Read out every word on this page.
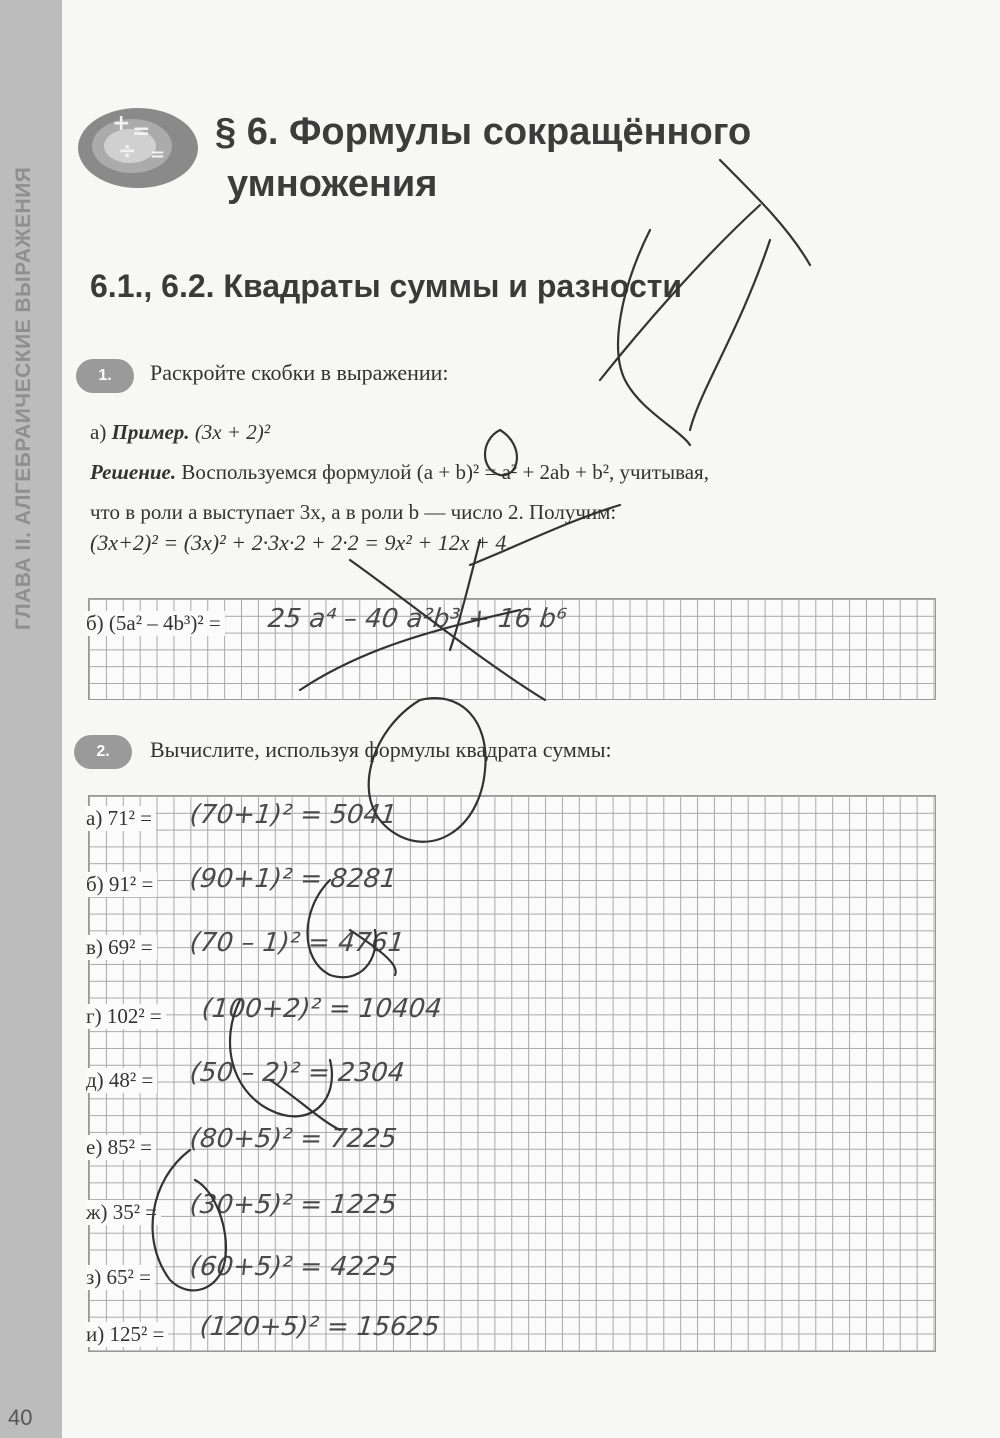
ГЛАВА II. АЛГЕБРАИЧЕСКИЕ ВЫРАЖЕНИЯ
40
+ =
÷ =
§ 6. Формулы сокращённого
умножения
6.1., 6.2. Квадраты суммы и разности
1.	Раскройте скобки в выражении:
а) Пример. (3x + 2)²
Решение. Воспользуемся формулой (a + b)² = a² + 2ab + b², учитывая,
что в роли a выступает 3x, а в роли b — число 2. Получим:
(3x+2)² = (3x)² + 2·3x·2 + 2·2 = 9x² + 12x + 4.
б) (5a² – 4b³)² = 25 a⁴ – 40 a²b³ + 16 b⁶
2.	Вычислите, используя формулы квадрата суммы:
а) 71² = (70+1)² = 5041
б) 91² = (90+1)² = 8281
в) 69² = (70 – 1)² = 4761
г) 102² = (100+2)² = 10404
д) 48² = (50 – 2)² = 2304
е) 85² = (80+5)² = 7225
ж) 35² = (30+5)² = 1225
з) 65² = (60+5)² = 4225
и) 125² = (120+5)² = 15625
